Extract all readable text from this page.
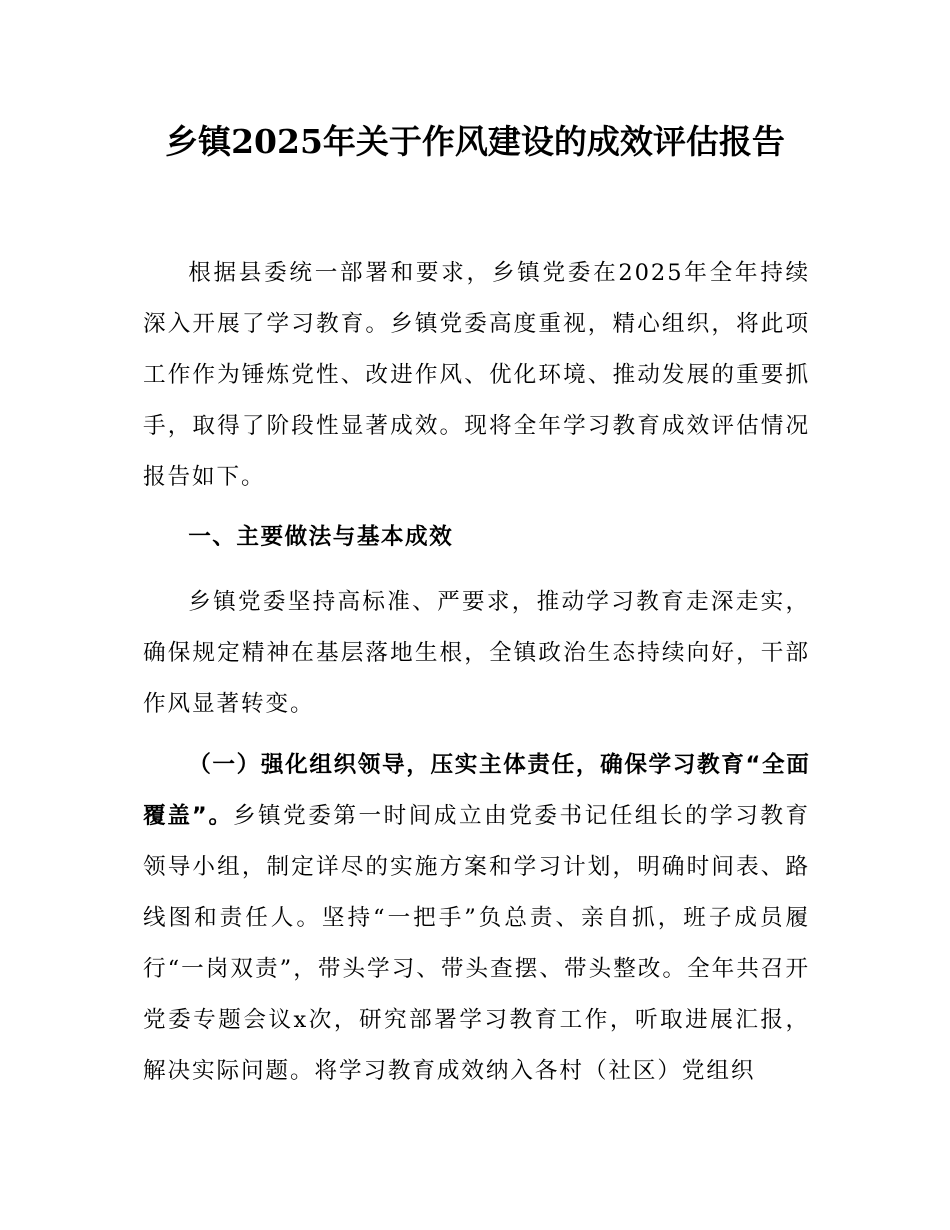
乡镇2025年关于作风建设的成效评估报告
根据县委统一部署和要求，乡镇党委在2025年全年持续深入开展了学习教育。乡镇党委高度重视，精心组织，将此项工作作为锤炼党性、改进作风、优化环境、推动发展的重要抓手，取得了阶段性显著成效。现将全年学习教育成效评估情况报告如下。
一、主要做法与基本成效
乡镇党委坚持高标准、严要求，推动学习教育走深走实，确保规定精神在基层落地生根，全镇政治生态持续向好，干部作风显著转变。
（一）强化组织领导，压实主体责任，确保学习教育“全面覆盖”。乡镇党委第一时间成立由党委书记任组长的学习教育领导小组，制定详尽的实施方案和学习计划，明确时间表、路线图和责任人。坚持“一把手”负总责、亲自抓，班子成员履行“一岗双责”，带头学习、带头查摆、带头整改。全年共召开党委专题会议x次，研究部署学习教育工作，听取进展汇报，解决实际问题。将学习教育成效纳入各村（社区）党组织
